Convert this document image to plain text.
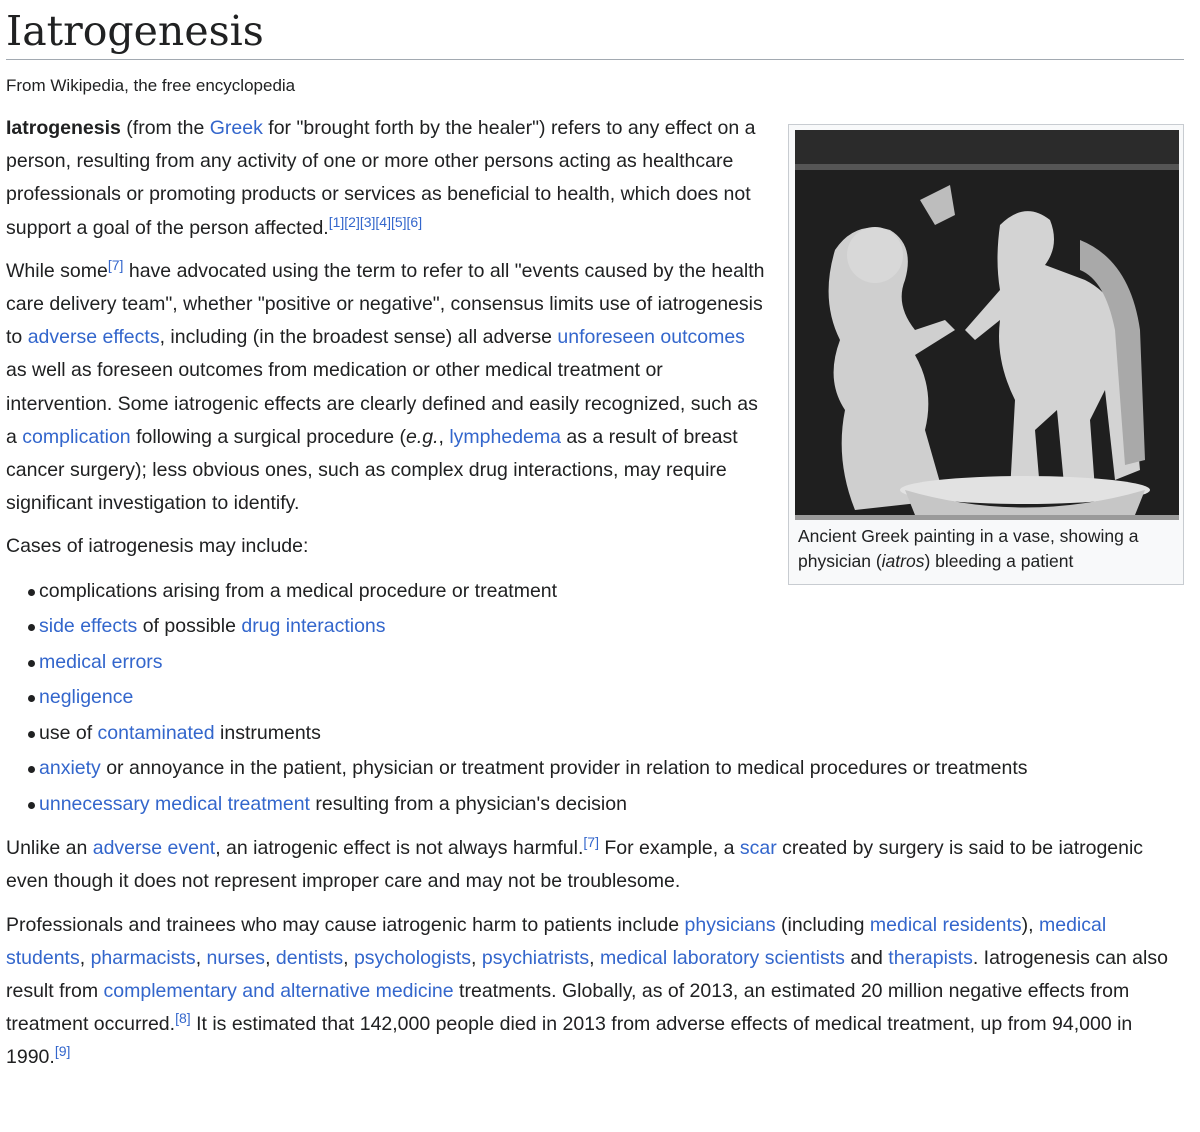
Iatrogenesis
From Wikipedia, the free encyclopedia
Ancient Greek painting in a vase, showing a physician (iatros) bleeding a patient

Iatrogenesis (from the Greek for "brought forth by the healer") refers to any effect on a person, resulting from any activity of one or more other persons acting as healthcare professionals or promoting products or services as beneficial to health, which does not support a goal of the person affected.[1][2][3][4][5][6]

While some[7] have advocated using the term to refer to all "events caused by the health care delivery team", whether "positive or negative", consensus limits use of iatrogenesis to adverse effects, including (in the broadest sense) all adverse unforeseen outcomes as well as foreseen outcomes from medication or other medical treatment or intervention. Some iatrogenic effects are clearly defined and easily recognized, such as a complication following a surgical procedure (e.g., lymphedema as a result of breast cancer surgery); less obvious ones, such as complex drug interactions, may require significant investigation to identify.

Cases of iatrogenesis may include:

complications arising from a medical procedure or treatment
side effects of possible drug interactions
medical errors
negligence
use of contaminated instruments
anxiety or annoyance in the patient, physician or treatment provider in relation to medical procedures or treatments
unnecessary medical treatment resulting from a physician's decision

Unlike an adverse event, an iatrogenic effect is not always harmful.[7] For example, a scar created by surgery is said to be iatrogenic even though it does not represent improper care and may not be troublesome.

Professionals and trainees who may cause iatrogenic harm to patients include physicians (including medical residents), medical students, pharmacists, nurses, dentists, psychologists, psychiatrists, medical laboratory scientists and therapists. Iatrogenesis can also result from complementary and alternative medicine treatments. Globally, as of 2013, an estimated 20 million negative effects from treatment occurred.[8] It is estimated that 142,000 people died in 2013 from adverse effects of medical treatment, up from 94,000 in 1990.[9]
